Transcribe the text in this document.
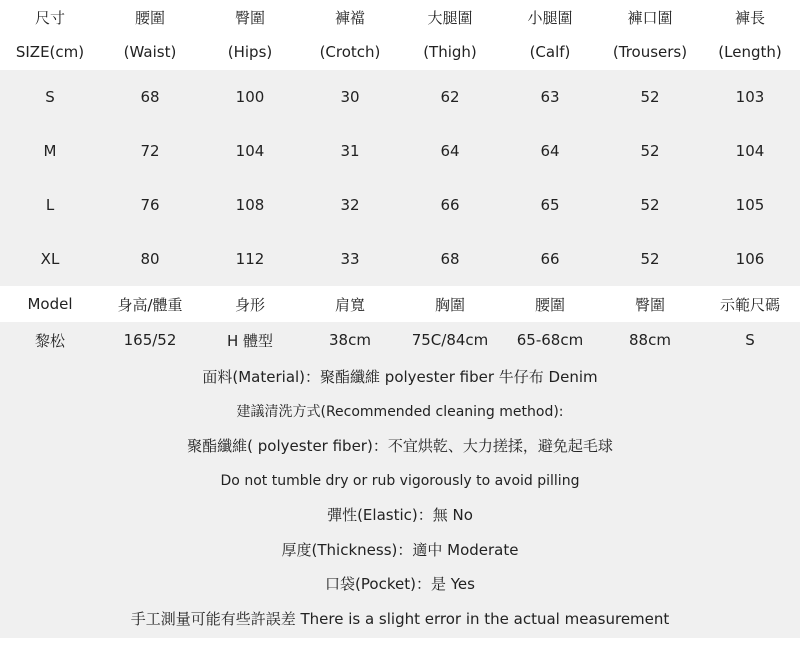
尺寸	腰圍	臀圍	褲襠	大腿圍	小腿圍	褲口圍	褲長
SIZE(cm)	(Waist)	(Hips)	(Crotch)	(Thigh)	(Calf)	(Trousers)	(Length)
S	68	100	30	62	63	52	103
M	72	104	31	64	64	52	104
L	76	108	32	66	65	52	105
XL	80	112	33	68	66	52	106
Model	身高/體重	身形	肩寬	胸圍	腰圍	臀圍	示範尺碼
黎松	165/52	H 體型	38cm	75C/84cm	65-68cm	88cm	S
面料(Material)：聚酯纖維 polyester fiber 牛仔布 Denim
建議清洗方式(Recommended cleaning method):
聚酯纖維( polyester fiber)：不宜烘乾、大力搓揉，避免起毛球
Do not tumble dry or rub vigorously to avoid pilling
彈性(Elastic)：無 No
厚度(Thickness)：適中 Moderate
口袋(Pocket)：是 Yes
手工測量可能有些許誤差 There is a slight error in the actual measurement
